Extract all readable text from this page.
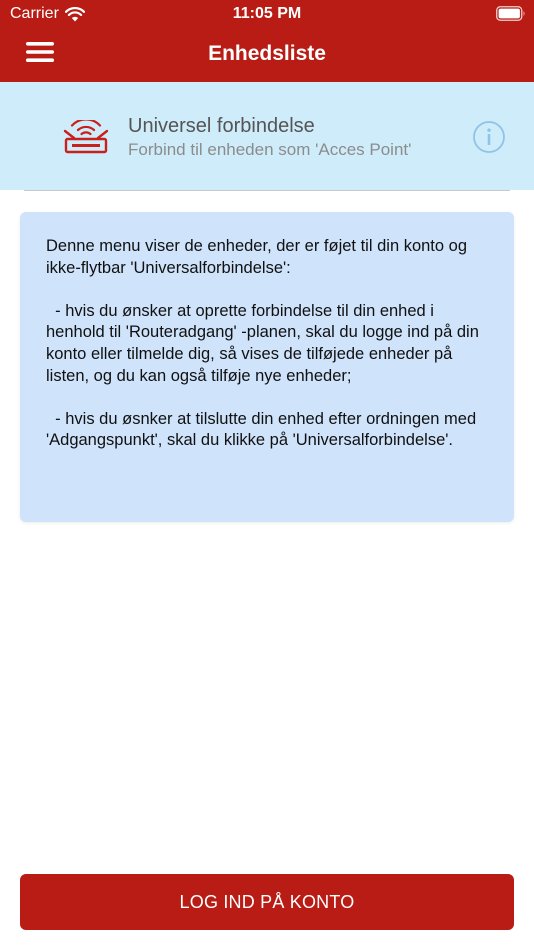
Carrier	11:05 PM
Enhedsliste
Universel forbindelse
Forbind til enheden som 'Acces Point'

Denne menu viser de enheder, der er føjet til din konto og ikke-flytbar 'Universalforbindelse':

- hvis du ønsker at oprette forbindelse til din enhed i henhold til 'Routeradgang' -planen, skal du logge ind på din konto eller tilmelde dig, så vises de tilføjede enheder på listen, og du kan også tilføje nye enheder;

- hvis du øsnker at tilslutte din enhed efter ordningen med 'Adgangspunkt', skal du klikke på 'Universalforbindelse'.

LOG IND PÅ KONTO
